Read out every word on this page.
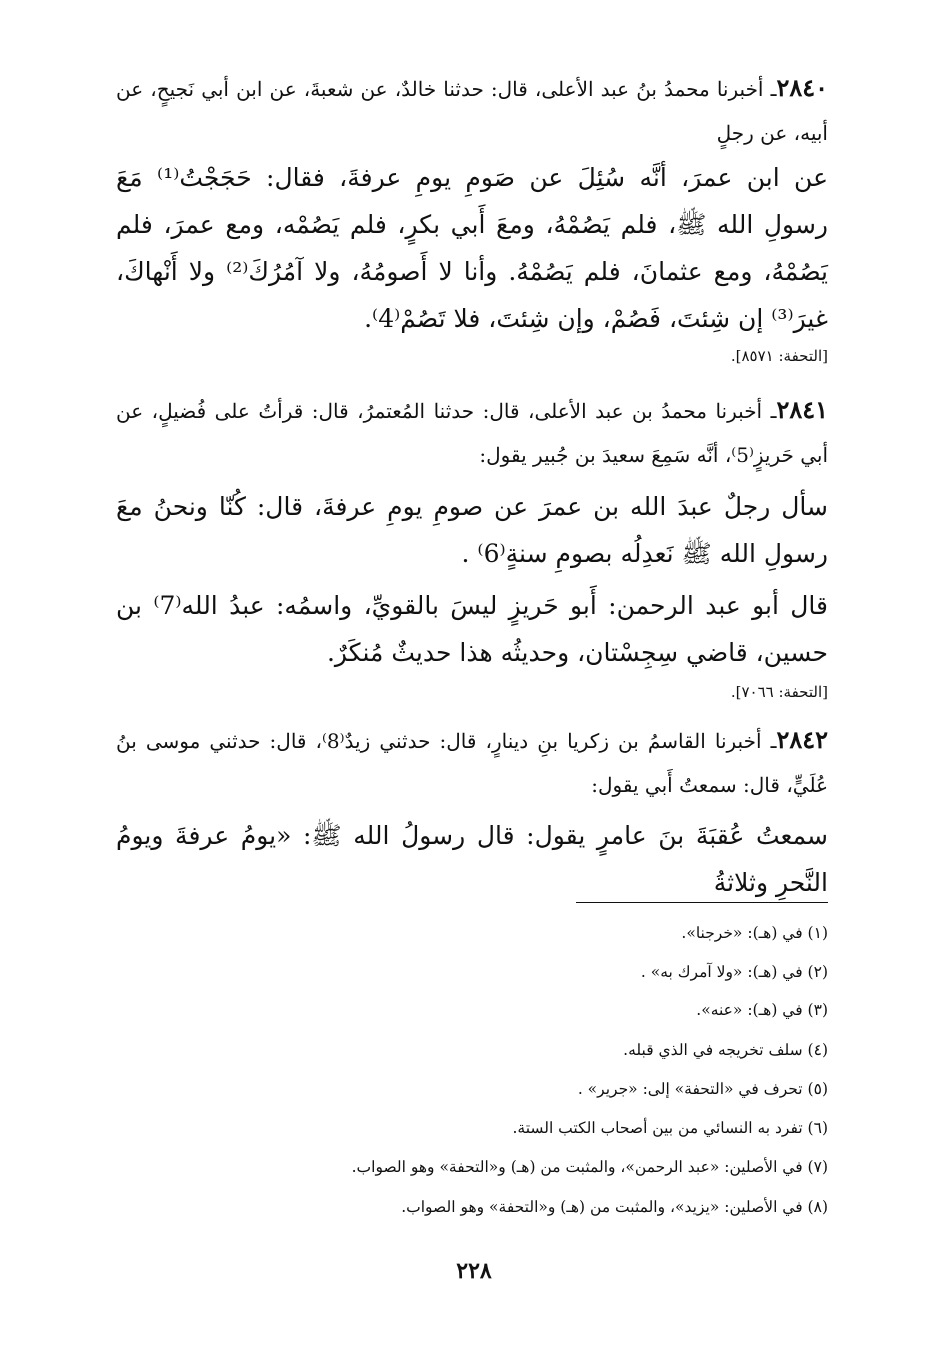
٢٨٤٠ـ أخبرنا محمدُ بنُ عبد الأعلى، قال: حدثنا خالدٌ، عن شعبةَ، عن ابن أبي نَجيحٍ، عن أبيه، عن رجلٍ

عن ابن عمرَ، أنَّه سُئِلَ عن صَومِ يومِ عرفةَ، فقال: حَجَجْتُ⁽¹⁾ مَعَ رسولِ الله ﷺ، فلم يَصُمْهُ، ومعَ أَبي بكرٍ، فلم يَصُمْه، ومع عمرَ، فلم يَصُمْهُ، ومع عثمانَ، فلم يَصُمْهُ. وأنا لا أَصومُهُ، ولا آمُرُكَ⁽²⁾ ولا أَنْهاكَ، غيرَ⁽³⁾ إن شِئتَ، فَصُمْ، وإن شِئتَ، فلا تَصُمْ⁽4⁾.

[التحفة: ٨٥٧١].

٢٨٤١ـ أخبرنا محمدُ بن عبد الأعلى، قال: حدثنا المُعتمرُ، قال: قرأتُ على فُضيلٍ، عن أبي حَريزٍ⁽5⁾، أنَّه سَمِعَ سعيدَ بن جُبير يقول:

سأل رجلٌ عبدَ الله بن عمرَ عن صومِ يومِ عرفةَ، قال: كُنّا ونحنُ معَ رسولِ الله ﷺ نَعدِلُه بصومِ سنةٍ⁽6⁾ .

قال أبو عبد الرحمن: أَبو حَريزٍ ليسَ بالقويِّ، واسمُه: عبدُ الله⁽7⁾ بن حسين، قاضي سِجِسْتان، وحديثُه هذا حديثٌ مُنكَرٌ.

[التحفة: ٧٠٦٦].

٢٨٤٢ـ أخبرنا القاسمُ بن زكريا بنِ دينارٍ، قال: حدثني زيدٌ⁽8⁾، قال: حدثني موسى بنُ عُلَيٍّ، قال: سمعتُ أَبي يقول:

سمعتُ عُقبَةَ بنَ عامرٍ يقول: قال رسولُ الله ﷺ: «يومُ عرفةَ ويومُ النَّحرِ وثلاثةُ

(١) في (هـ): «خرجنا».
(٢) في (هـ): «ولا آمرك به» .
(٣) في (هـ): «عنه».
(٤) سلف تخريجه في الذي قبله.
(٥) تحرف في «التحفة» إلى: «جرير» .
(٦) تفرد به النسائي من بين أصحاب الكتب الستة.
(٧) في الأصلين: «عبد الرحمن»، والمثبت من (هـ) و«التحفة» وهو الصواب.
(٨) في الأصلين: «يزيد»، والمثبت من (هـ) و«التحفة» وهو الصواب.
٢٢٨
